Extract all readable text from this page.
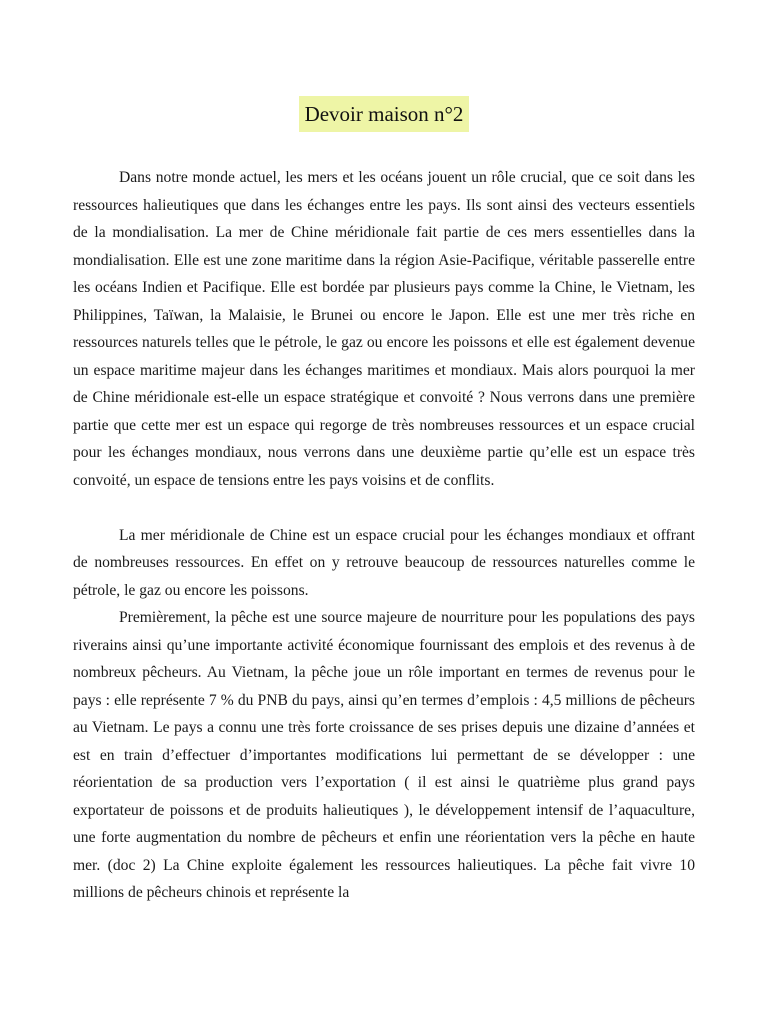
Devoir maison n°2

Dans notre monde actuel, les mers et les océans jouent un rôle crucial, que ce soit dans les ressources halieutiques que dans les échanges entre les pays. Ils sont ainsi des vecteurs essentiels de la mondialisation. La mer de Chine méridionale fait partie de ces mers essentielles dans la mondialisation. Elle est une zone maritime dans la région Asie-Pacifique, véritable passerelle entre les océans Indien et Pacifique. Elle est bordée par plusieurs pays comme la Chine, le Vietnam, les Philippines, Taïwan, la Malaisie, le Brunei ou encore le Japon. Elle est une mer très riche en ressources naturels telles que le pétrole, le gaz ou encore les poissons et elle est également devenue un espace maritime majeur dans les échanges maritimes et mondiaux. Mais alors pourquoi la mer de Chine méridionale est-elle un espace stratégique et convoité ? Nous verrons dans une première partie que cette mer est un espace qui regorge de très nombreuses ressources et un espace crucial pour les échanges mondiaux, nous verrons dans une deuxième partie qu’elle est un espace très convoité, un espace de tensions entre les pays voisins et de conflits.

La mer méridionale de Chine est un espace crucial pour les échanges mondiaux et offrant de nombreuses ressources. En effet on y retrouve beaucoup de ressources naturelles comme le pétrole, le gaz ou encore les poissons.

Premièrement, la pêche est une source majeure de nourriture pour les populations des pays riverains ainsi qu’une importante activité économique fournissant des emplois et des revenus à de nombreux pêcheurs. Au Vietnam, la pêche joue un rôle important en termes de revenus pour le pays : elle représente 7 % du PNB du pays, ainsi qu’en termes d’emplois : 4,5 millions de pêcheurs au Vietnam. Le pays a connu une très forte croissance de ses prises depuis une dizaine d’années et est en train d’effectuer d’importantes modifications lui permettant de se développer : une réorientation de sa production vers l’exportation ( il est ainsi le quatrième plus grand pays exportateur de poissons et de produits halieutiques ), le développement intensif de l’aquaculture, une forte augmentation du nombre de pêcheurs et enfin une réorientation vers la pêche en haute mer. (doc 2) La Chine exploite également les ressources halieutiques. La pêche fait vivre 10 millions de pêcheurs chinois et représente la
